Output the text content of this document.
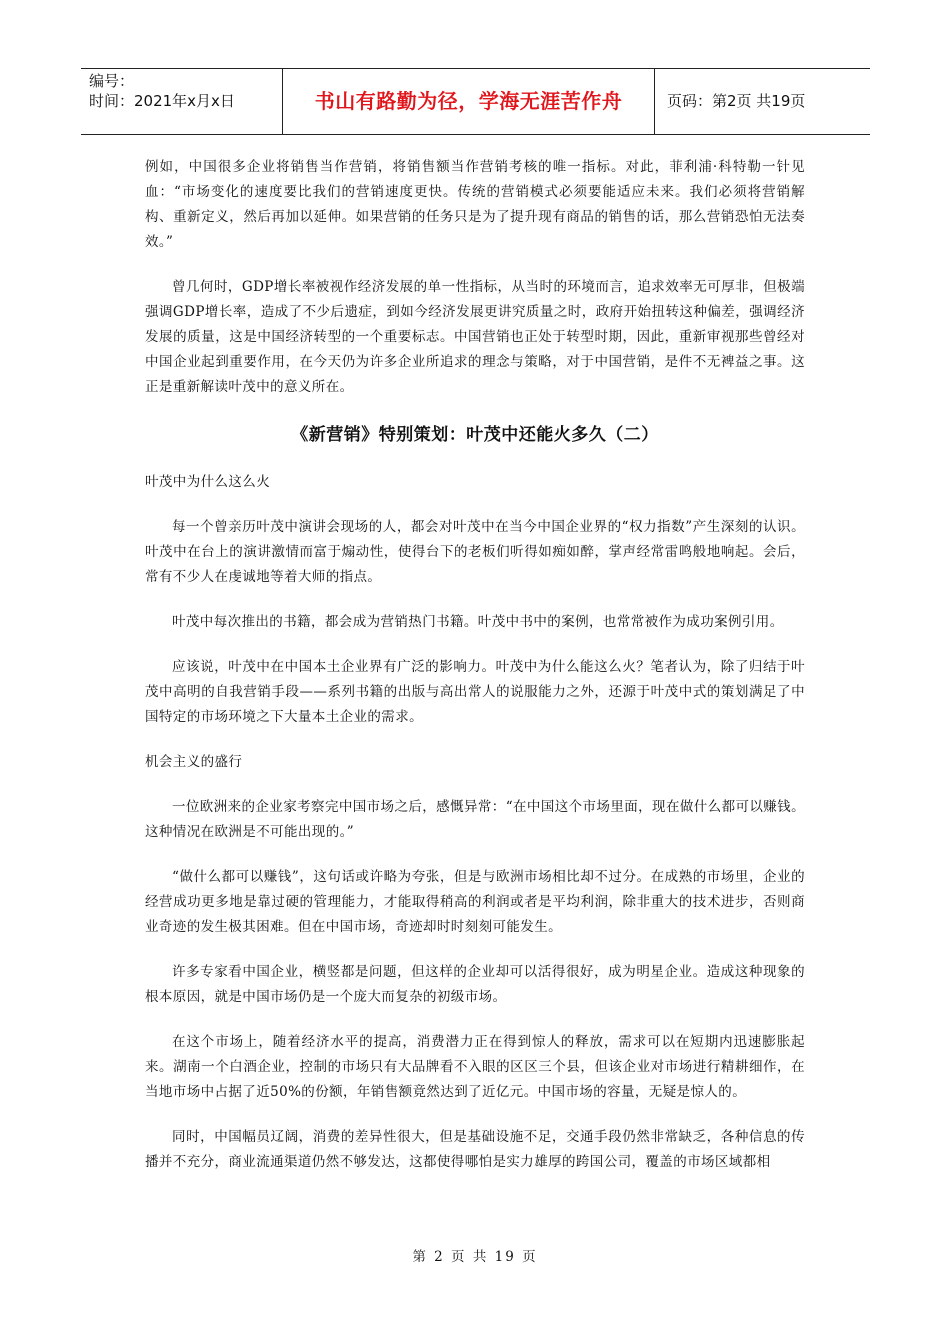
编号：
时间：2021年x月x日	书山有路勤为径，学海无涯苦作舟	页码：第2页 共19页

例如，中国很多企业将销售当作营销，将销售额当作营销考核的唯一指标。对此，菲利浦·科特勒一针见血：“市场变化的速度要比我们的营销速度更快。传统的营销模式必须要能适应未来。我们必须将营销解构、重新定义，然后再加以延伸。如果营销的任务只是为了提升现有商品的销售的话，那么营销恐怕无法奏效。”

曾几何时，GDP增长率被视作经济发展的单一性指标，从当时的环境而言，追求效率无可厚非，但极端强调GDP增长率，造成了不少后遗症，到如今经济发展更讲究质量之时，政府开始扭转这种偏差，强调经济发展的质量，这是中国经济转型的一个重要标志。中国营销也正处于转型时期，因此，重新审视那些曾经对中国企业起到重要作用，在今天仍为许多企业所追求的理念与策略，对于中国营销，是件不无裨益之事。这正是重新解读叶茂中的意义所在。

《新营销》特别策划：叶茂中还能火多久（二）

叶茂中为什么这么火

每一个曾亲历叶茂中演讲会现场的人，都会对叶茂中在当今中国企业界的“权力指数”产生深刻的认识。叶茂中在台上的演讲激情而富于煽动性，使得台下的老板们听得如痴如醉，掌声经常雷鸣般地响起。会后，常有不少人在虔诚地等着大师的指点。

叶茂中每次推出的书籍，都会成为营销热门书籍。叶茂中书中的案例，也常常被作为成功案例引用。

应该说，叶茂中在中国本土企业界有广泛的影响力。叶茂中为什么能这么火？笔者认为，除了归结于叶茂中高明的自我营销手段——系列书籍的出版与高出常人的说服能力之外，还源于叶茂中式的策划满足了中国特定的市场环境之下大量本土企业的需求。

机会主义的盛行

一位欧洲来的企业家考察完中国市场之后，感慨异常：“在中国这个市场里面，现在做什么都可以赚钱。这种情况在欧洲是不可能出现的。”

“做什么都可以赚钱”，这句话或许略为夸张，但是与欧洲市场相比却不过分。在成熟的市场里，企业的经营成功更多地是靠过硬的管理能力，才能取得稍高的利润或者是平均利润，除非重大的技术进步，否则商业奇迹的发生极其困难。但在中国市场，奇迹却时时刻刻可能发生。

许多专家看中国企业，横竖都是问题，但这样的企业却可以活得很好，成为明星企业。造成这种现象的根本原因，就是中国市场仍是一个庞大而复杂的初级市场。

在这个市场上，随着经济水平的提高，消费潜力正在得到惊人的释放，需求可以在短期内迅速膨胀起来。湖南一个白酒企业，控制的市场只有大品牌看不入眼的区区三个县，但该企业对市场进行精耕细作，在当地市场中占据了近50%的份额，年销售额竟然达到了近亿元。中国市场的容量，无疑是惊人的。

同时，中国幅员辽阔，消费的差异性很大，但是基础设施不足，交通手段仍然非常缺乏，各种信息的传播并不充分，商业流通渠道仍然不够发达，这都使得哪怕是实力雄厚的跨国公司，覆盖的市场区域都相

第 2 页 共 19 页
